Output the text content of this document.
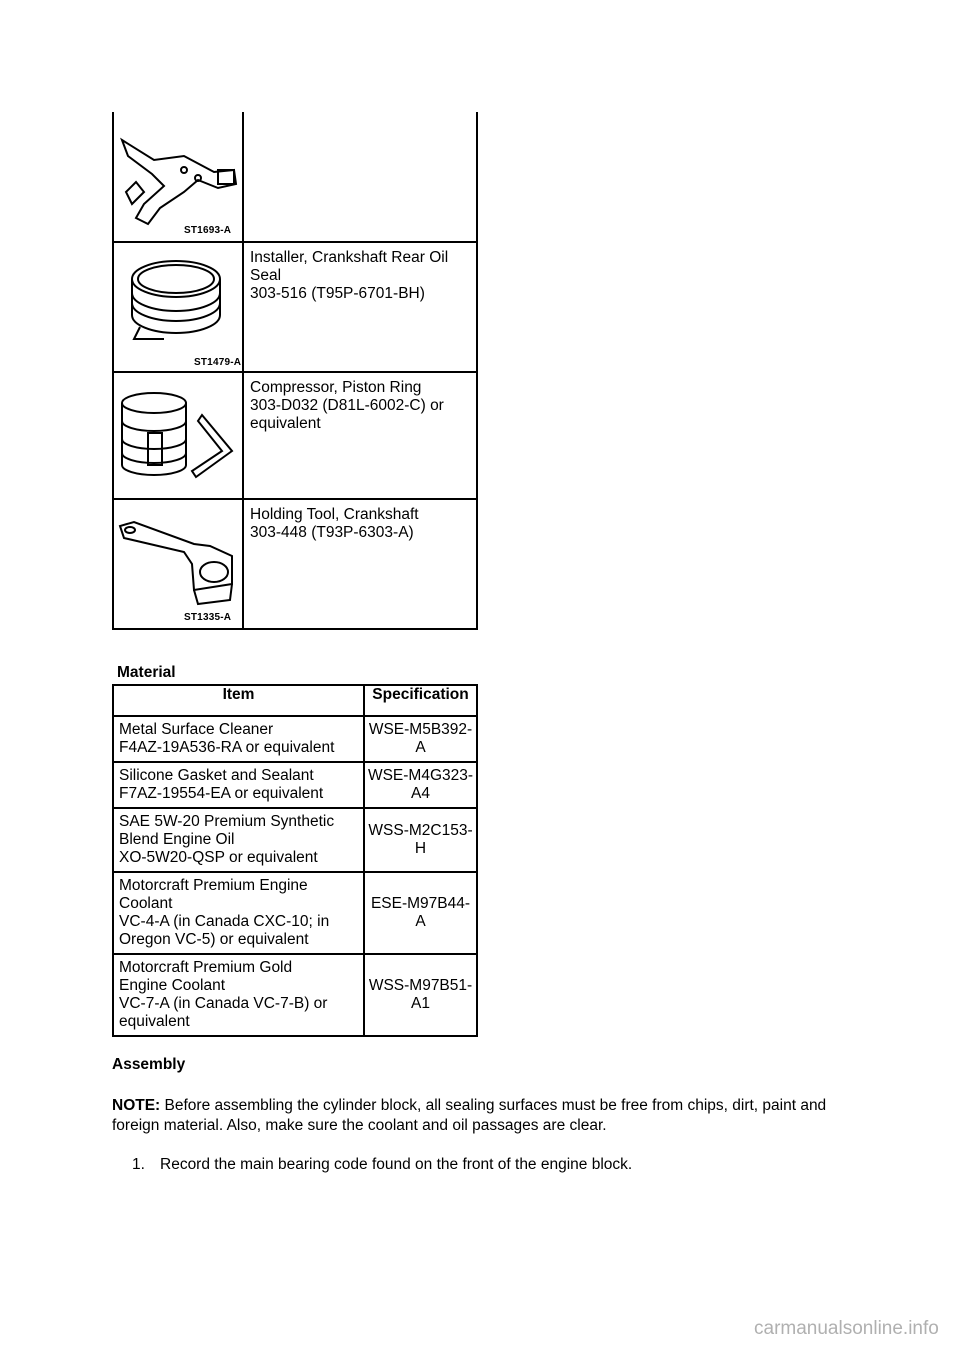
ST1693-A
ST1479-A
Installer, Crankshaft Rear Oil
Seal
303-516 (T95P-6701-BH)
Compressor, Piston Ring
303-D032 (D81L-6002-C) or
equivalent
ST1335-A
Holding Tool, Crankshaft
303-448 (T93P-6303-A)
Material
Item	Specification

Metal Surface Cleaner
F4AZ-19A536-RA or equivalent	WSE-M5B392-
A

Silicone Gasket and Sealant
F7AZ-19554-EA or equivalent	WSE-M4G323-
A4

SAE 5W-20 Premium Synthetic
Blend Engine Oil
XO-5W20-QSP or equivalent	WSS-M2C153-
H

Motorcraft Premium Engine
Coolant
VC-4-A (in Canada CXC-10; in
Oregon VC-5) or equivalent	ESE-M97B44-
A

Motorcraft Premium Gold
Engine Coolant
VC-7-A (in Canada VC-7-B) or
equivalent	WSS-M97B51-
A1
Assembly
NOTE: Before assembling the cylinder block, all sealing surfaces must be free from chips, dirt, paint and foreign material. Also, make sure the coolant and oil passages are clear.
1. Record the main bearing code found on the front of the engine block.
carmanualsonline.info
